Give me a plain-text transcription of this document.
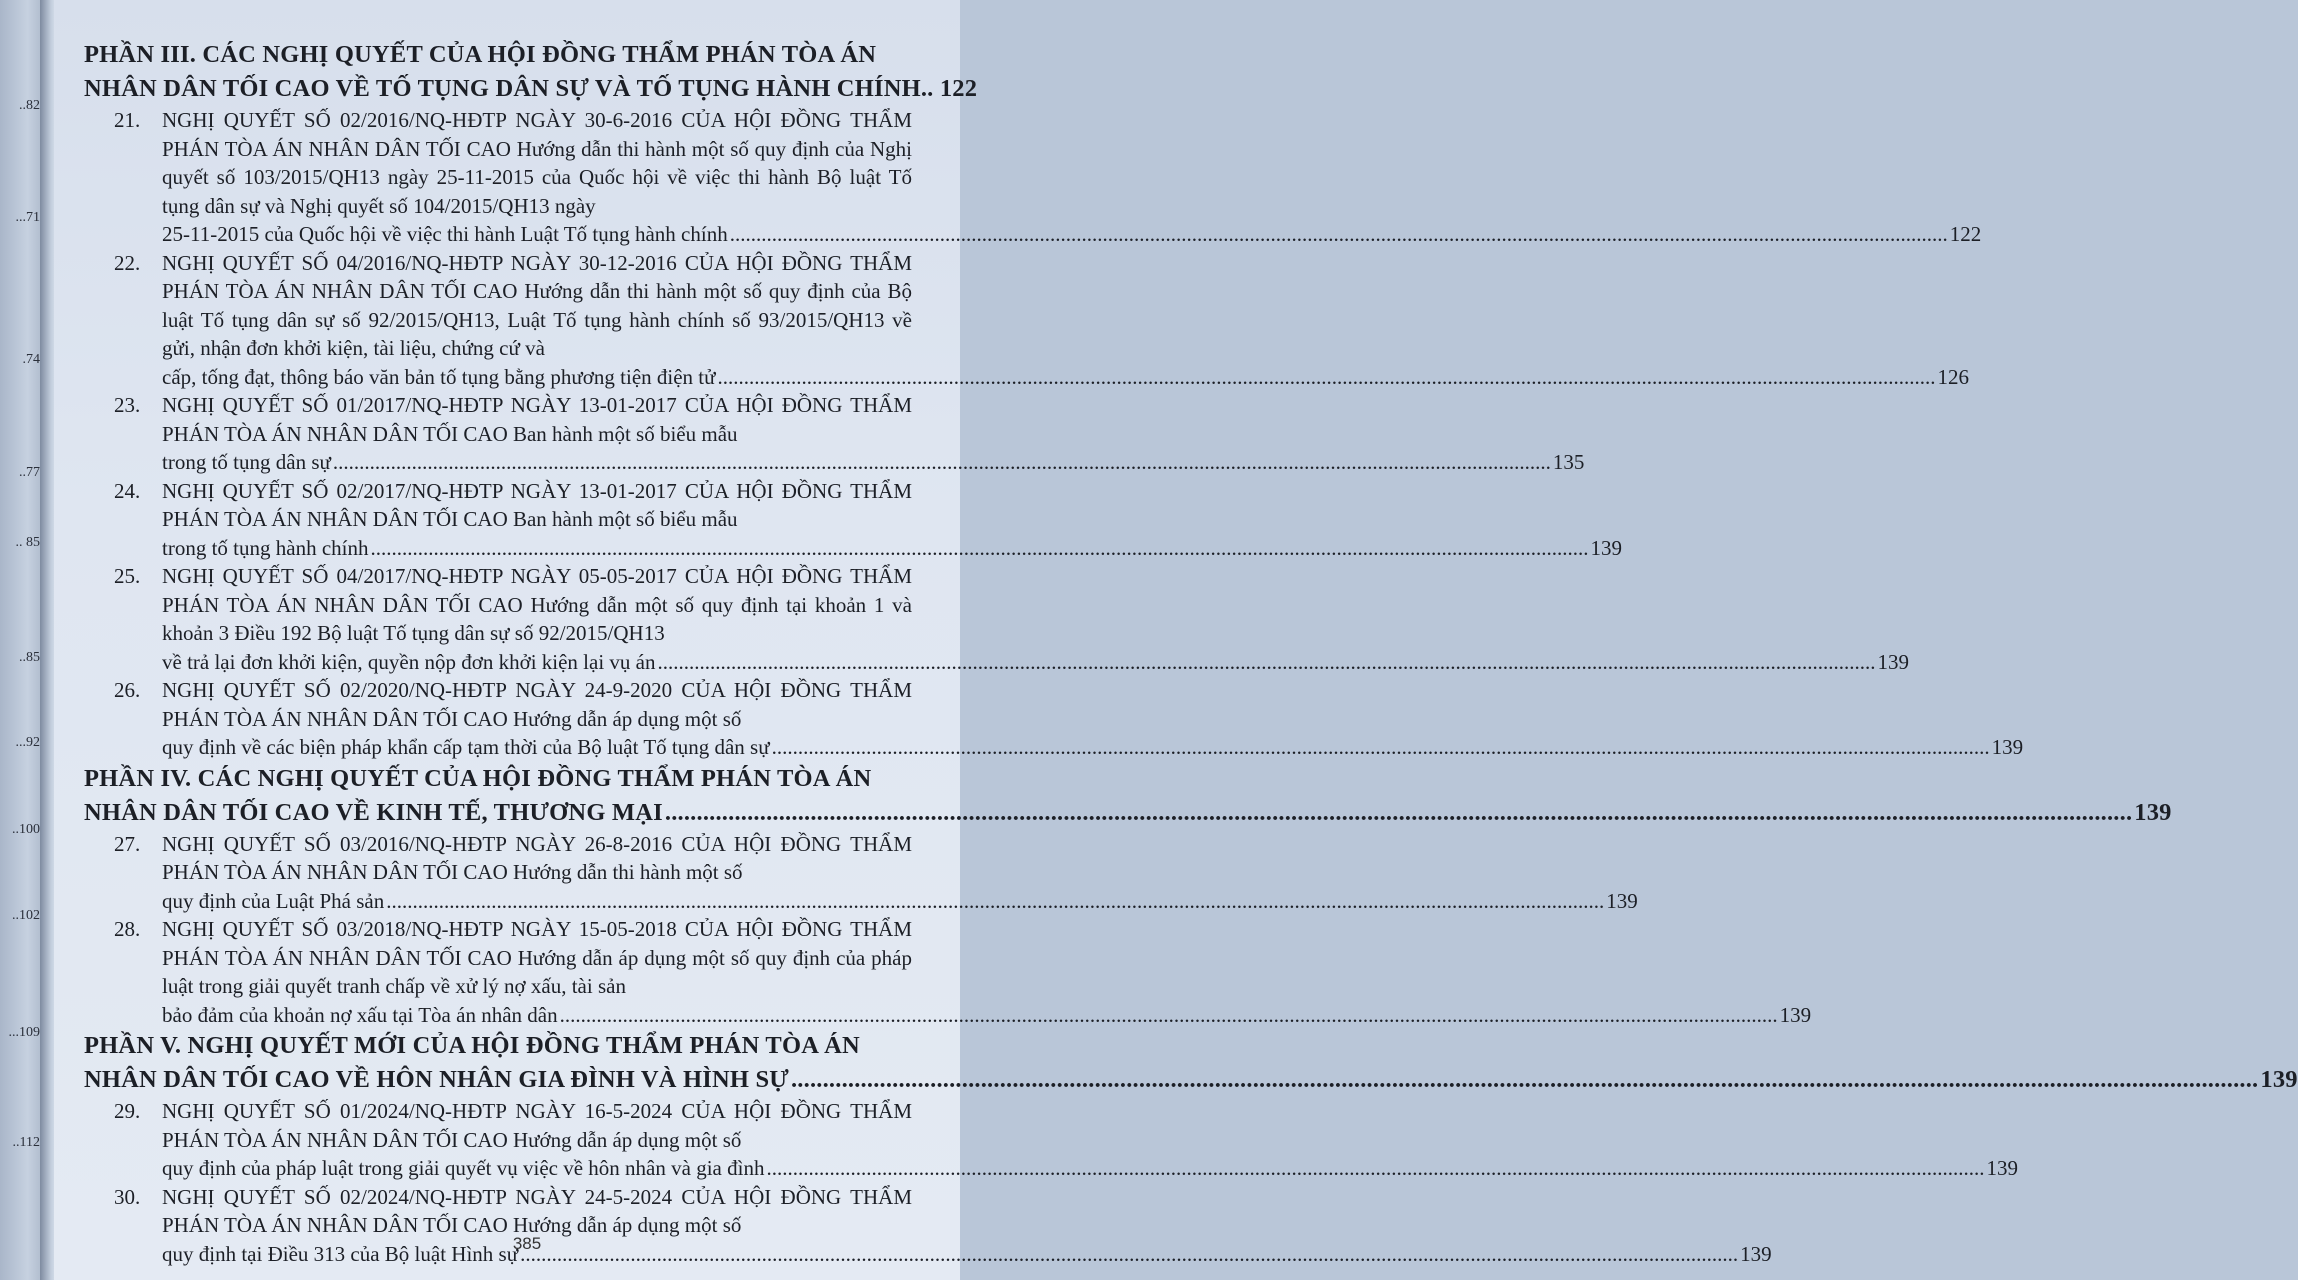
..82
...71
.74
..77
.. 85
..85
...92
..100
..102
...109
..112
PHẦN III. CÁC NGHỊ QUYẾT CỦA HỘI ĐỒNG THẨM PHÁN TÒA ÁN
NHÂN DÂN TỐI CAO VỀ TỐ TỤNG DÂN SỰ VÀ TỐ TỤNG HÀNH CHÍNH .. 122
21. NGHỊ QUYẾT SỐ 02/2016/NQ-HĐTP NGÀY 30-6-2016 CỦA HỘI ĐỒNG THẨM PHÁN TÒA ÁN NHÂN DÂN TỐI CAO Hướng dẫn thi hành một số quy định của Nghị quyết số 103/2015/QH13 ngày 25-11-2015 của Quốc hội về việc thi hành Bộ luật Tố tụng dân sự và Nghị quyết số 104/2015/QH13 ngày
25-11-2015 của Quốc hội về việc thi hành Luật Tố tụng hành chính .....	122
22. NGHỊ QUYẾT SỐ 04/2016/NQ-HĐTP NGÀY 30-12-2016 CỦA HỘI ĐỒNG THẨM PHÁN TÒA ÁN NHÂN DÂN TỐI CAO Hướng dẫn thi hành một số quy định của Bộ luật Tố tụng dân sự số 92/2015/QH13, Luật Tố tụng hành chính số 93/2015/QH13 về gửi, nhận đơn khởi kiện, tài liệu, chứng cứ và
cấp, tống đạt, thông báo văn bản tố tụng bằng phương tiện điện tử .....	126
23. NGHỊ QUYẾT SỐ 01/2017/NQ-HĐTP NGÀY 13-01-2017 CỦA HỘI ĐỒNG THẨM PHÁN TÒA ÁN NHÂN DÂN TỐI CAO Ban hành một số biểu mẫu
trong tố tụng dân sự .....	135
24. NGHỊ QUYẾT SỐ 02/2017/NQ-HĐTP NGÀY 13-01-2017 CỦA HỘI ĐỒNG THẨM PHÁN TÒA ÁN NHÂN DÂN TỐI CAO Ban hành một số biểu mẫu
trong tố tụng hành chính .....	139
25. NGHỊ QUYẾT SỐ 04/2017/NQ-HĐTP NGÀY 05-05-2017 CỦA HỘI ĐỒNG THẨM PHÁN TÒA ÁN NHÂN DÂN TỐI CAO Hướng dẫn một số quy định tại khoản 1 và khoản 3 Điều 192 Bộ luật Tố tụng dân sự số 92/2015/QH13
về trả lại đơn khởi kiện, quyền nộp đơn khởi kiện lại vụ án .....	139
26. NGHỊ QUYẾT SỐ 02/2020/NQ-HĐTP NGÀY 24-9-2020 CỦA HỘI ĐỒNG THẨM PHÁN TÒA ÁN NHÂN DÂN TỐI CAO Hướng dẫn áp dụng một số
quy định về các biện pháp khẩn cấp tạm thời của Bộ luật Tố tụng dân sự .....	139
PHẦN IV. CÁC NGHỊ QUYẾT CỦA HỘI ĐỒNG THẨM PHÁN TÒA ÁN
NHÂN DÂN TỐI CAO VỀ KINH TẾ, THƯƠNG MẠI .....	139
27. NGHỊ QUYẾT SỐ 03/2016/NQ-HĐTP NGÀY 26-8-2016 CỦA HỘI ĐỒNG THẨM PHÁN TÒA ÁN NHÂN DÂN TỐI CAO Hướng dẫn thi hành một số
quy định của Luật Phá sản .....	139
28. NGHỊ QUYẾT SỐ 03/2018/NQ-HĐTP NGÀY 15-05-2018 CỦA HỘI ĐỒNG THẨM PHÁN TÒA ÁN NHÂN DÂN TỐI CAO Hướng dẫn áp dụng một số quy định của pháp luật trong giải quyết tranh chấp về xử lý nợ xấu, tài sản
bảo đảm của khoản nợ xấu tại Tòa án nhân dân .....	139
PHẦN V. NGHỊ QUYẾT MỚI CỦA HỘI ĐỒNG THẨM PHÁN TÒA ÁN
NHÂN DÂN TỐI CAO VỀ HÔN NHÂN GIA ĐÌNH VÀ HÌNH SỰ .....	139
29. NGHỊ QUYẾT SỐ 01/2024/NQ-HĐTP NGÀY 16-5-2024 CỦA HỘI ĐỒNG THẨM PHÁN TÒA ÁN NHÂN DÂN TỐI CAO Hướng dẫn áp dụng một số
quy định của pháp luật trong giải quyết vụ việc về hôn nhân và gia đình .....	139
30. NGHỊ QUYẾT SỐ 02/2024/NQ-HĐTP NGÀY 24-5-2024 CỦA HỘI ĐỒNG THẨM PHÁN TÒA ÁN NHÂN DÂN TỐI CAO Hướng dẫn áp dụng một số
quy định tại Điều 313 của Bộ luật Hình sự .....	139
385
